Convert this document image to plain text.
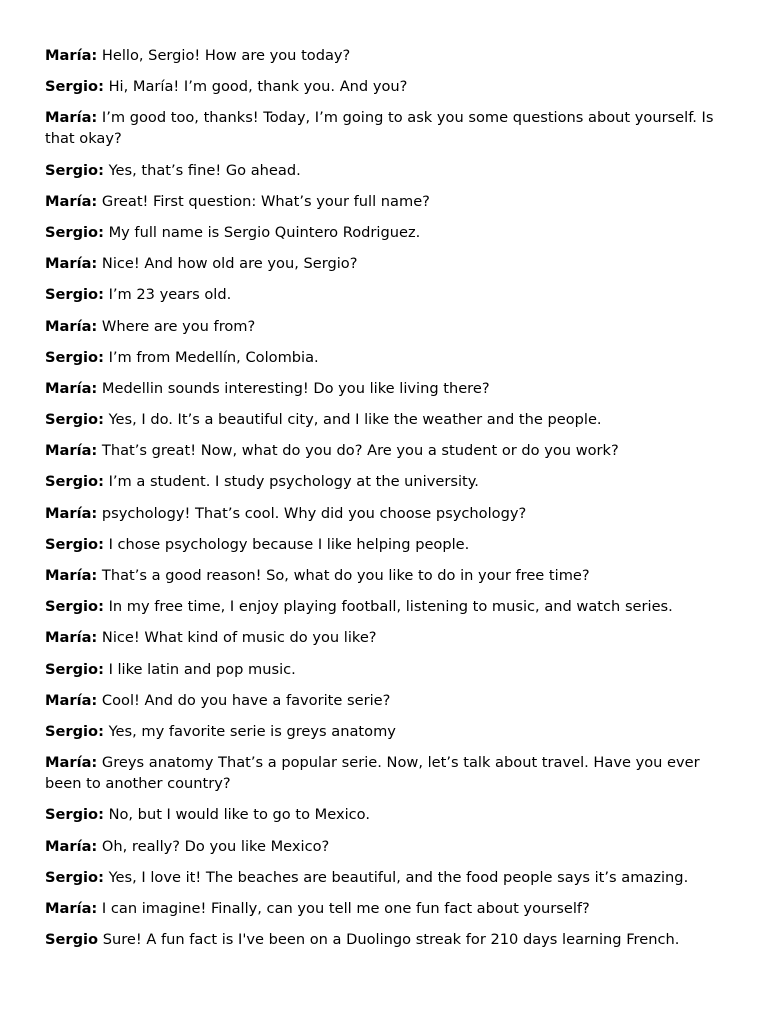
María: Hello, Sergio! How are you today?

Sergio: Hi, María! I’m good, thank you. And you?

María: I’m good too, thanks! Today, I’m going to ask you some questions about yourself. Is that okay?

Sergio: Yes, that’s fine! Go ahead.

María: Great! First question: What’s your full name?

Sergio: My full name is Sergio Quintero Rodriguez.

María: Nice! And how old are you, Sergio?

Sergio: I’m 23 years old.

María: Where are you from?

Sergio: I’m from Medellín, Colombia.

María: Medellin sounds interesting! Do you like living there?

Sergio: Yes, I do. It’s a beautiful city, and I like the weather and the people.

María: That’s great! Now, what do you do? Are you a student or do you work?

Sergio: I’m a student. I study psychology at the university.

María: psychology! That’s cool. Why did you choose psychology?

Sergio: I chose psychology because I like helping people.

María: That’s a good reason! So, what do you like to do in your free time?

Sergio: In my free time, I enjoy playing football, listening to music, and watch series.

María: Nice! What kind of music do you like?

Sergio: I like latin and pop music.

María: Cool! And do you have a favorite serie?

Sergio: Yes, my favorite serie is greys anatomy

María: Greys anatomy That’s a popular serie. Now, let’s talk about travel. Have you ever been to another country?

Sergio: No, but I would like to go to Mexico.

María: Oh, really? Do you like Mexico?

Sergio: Yes, I love it! The beaches are beautiful, and the food people says it’s amazing.

María: I can imagine! Finally, can you tell me one fun fact about yourself?

Sergio Sure! A fun fact is I've been on a Duolingo streak for 210 days learning French.
